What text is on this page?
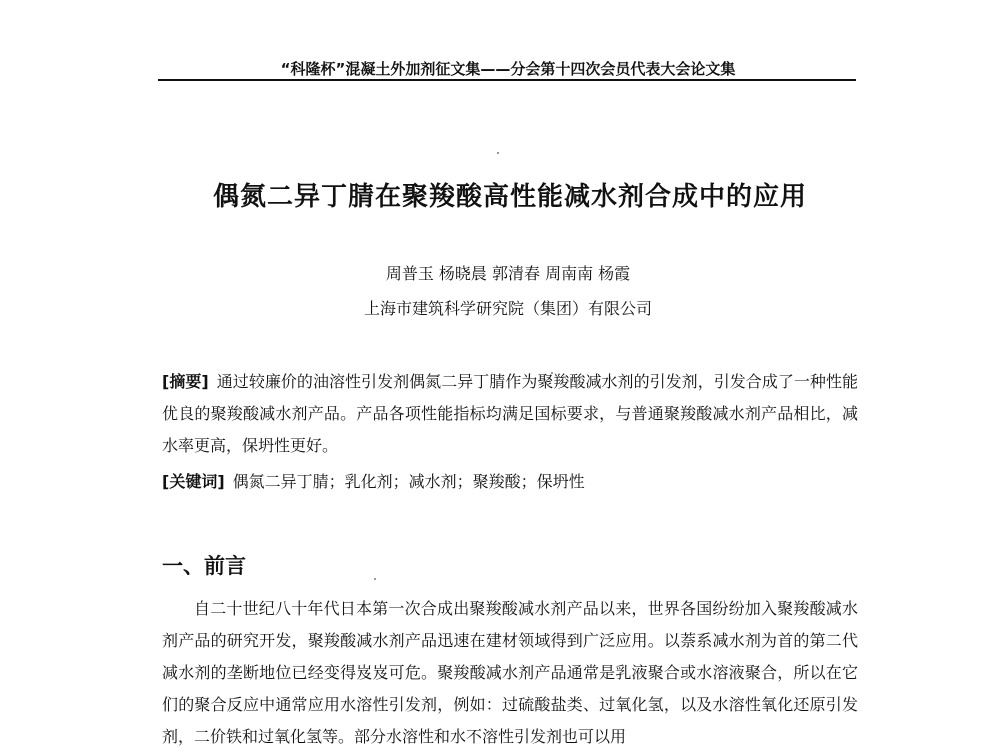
“科隆杯”混凝土外加剂征文集——分会第十四次会员代表大会论文集
偶氮二异丁腈在聚羧酸高性能减水剂合成中的应用
周普玉 杨晓晨 郭清春 周南南 杨霞
上海市建筑科学研究院（集团）有限公司
[摘要] 通过较廉价的油溶性引发剂偶氮二异丁腈作为聚羧酸减水剂的引发剂，引发合成了一种性能优良的聚羧酸减水剂产品。产品各项性能指标均满足国标要求，与普通聚羧酸减水剂产品相比，减水率更高，保坍性更好。
[关键词] 偶氮二异丁腈；乳化剂；减水剂；聚羧酸；保坍性
一、前言
自二十世纪八十年代日本第一次合成出聚羧酸减水剂产品以来，世界各国纷纷加入聚羧酸减水剂产品的研究开发，聚羧酸减水剂产品迅速在建材领域得到广泛应用。以萘系减水剂为首的第二代减水剂的垄断地位已经变得岌岌可危。聚羧酸减水剂产品通常是乳液聚合或水溶液聚合，所以在它们的聚合反应中通常应用水溶性引发剂，例如：过硫酸盐类、过氧化氢，以及水溶性氧化还原引发剂，二价铁和过氧化氢等。部分水溶性和水不溶性引发剂也可以用
